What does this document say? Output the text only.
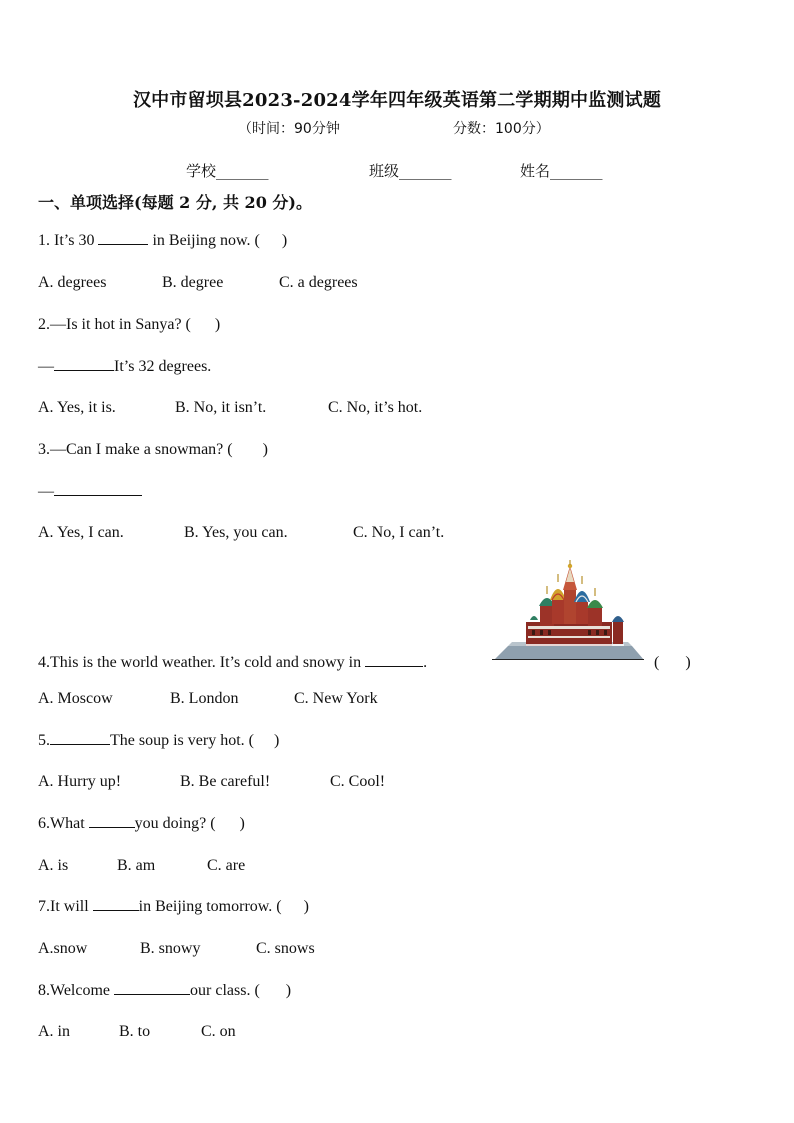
汉中市留坝县2023-2024学年四年级英语第二学期期中监测试题
（时间：90分钟	分数：100分）
学校_______	班级_______	姓名_______
一、单项选择(每题 2 分, 共 20 分)。
1. It’s 30	in Beijing now. ( )
A. degrees	B. degree	C. a degrees
2.—Is it hot in Sanya? ( )
—	It’s 32 degrees.
A. Yes, it is.	B. No, it isn’t.	C. No, it’s hot.
3.—Can I make a snowman? ( )
—
A. Yes, I can.	B. Yes, you can.	C. No, I can’t.
4.This is the world weather. It’s cold and snowy in	.	( )
A. Moscow	B. London	C. New York
5.	The soup is very hot. ( )
A. Hurry up!	B. Be careful!	C. Cool!
6.What	you doing? ( )
A. is	B. am	C. are
7.It will	in Beijing tomorrow. ( )
A.snow	B. snowy	C. snows
8.Welcome	our class. ( )
A. in	B. to	C. on
